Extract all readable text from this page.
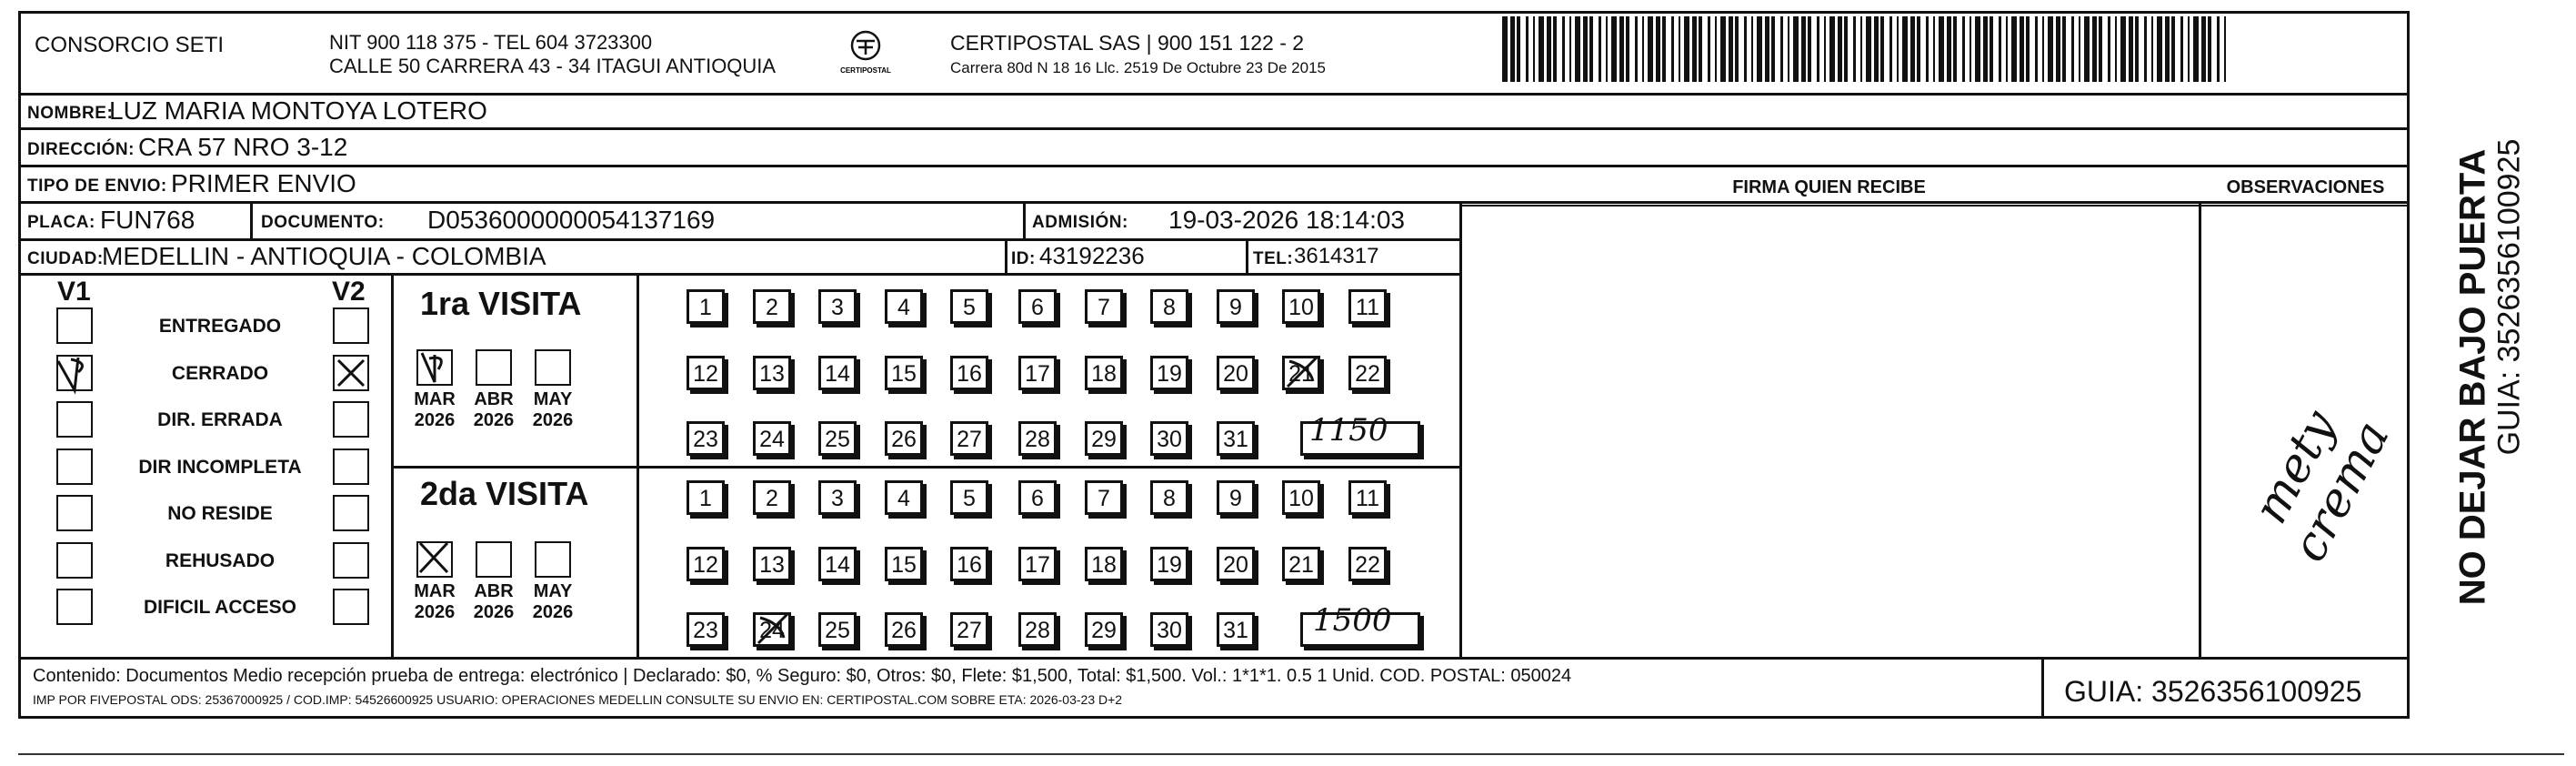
CONSORCIO SETI	NIT 900 118 375 - TEL 604 3723300
CALLE 50 CARRERA 43 - 34 ITAGUI ANTIOQUIA	CERTIPOSTAL
CERTIPOSTAL SAS | 900 151 122 - 2
Carrera 80d N 18 16 Llc. 2519 De Octubre 23 De 2015
NOMBRE:
LUZ MARIA MONTOYA LOTERO
DIRECCIÓN: CRA 57 NRO 3-12
TIPO DE ENVIO: PRIMER ENVIO
PLACA: FUN768	DOCUMENTO: D0536000000054137169	ADMISIÓN: 19-03-2026 18:14:03
CIUDAD:
MEDELLIN - ANTIOQUIA - COLOMBIA	ID: 43192236	TEL: 3614317
FIRMA QUIEN RECIBE	OBSERVACIONES
V1	V2
ENTREGADO
CERRADO
DIR. ERRADA
DIR INCOMPLETA
NO RESIDE
REHUSADO
DIFICIL ACCESO
1ra VISITA
2da VISITA
MAR
2026
ABR
2026
MAY
2026
MAR
2026
ABR
2026
MAY
2026
1	2	3	4	5	6	7	8	9	10	11
12 13 14 15 16 17 18 19 20 21 22
23 24 25 26 27 28 29 30 31
1	2	3	4	5	6	7	8	9	10	11
12 13 14 15 16 17 18 19 20 21 22
23 24 25 26 27 28 29 30 31
1150
1500
mety crema
Contenido: Documentos Medio recepción prueba de entrega: electrónico | Declarado: $0, % Seguro: $0, Otros: $0, Flete: $1,500, Total: $1,500. Vol.: 1*1*1. 0.5 1 Unid. COD. POSTAL: 050024
IMP POR FIVEPOSTAL ODS: 25367000925 / COD.IMP: 54526600925 USUARIO: OPERACIONES MEDELLIN CONSULTE SU ENVIO EN: CERTIPOSTAL.COM SOBRE ETA: 2026-03-23 D+2	GUIA: 3526356100925
NO DEJAR BAJO PUERTA GUIA: 3526356100925
